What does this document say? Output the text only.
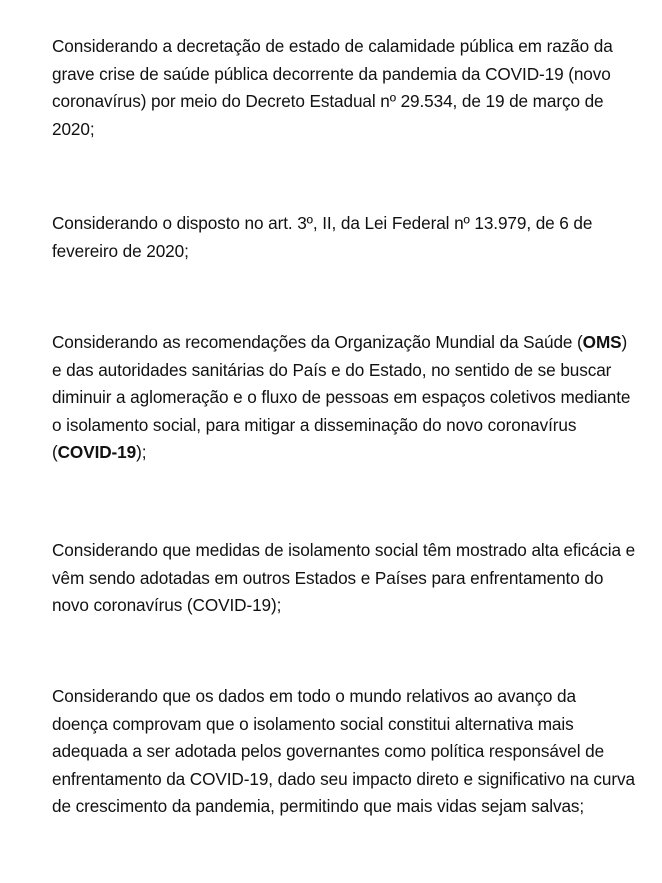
Considerando a decretação de estado de calamidade pública em razão da grave crise de saúde pública decorrente da pandemia da COVID-19 (novo coronavírus) por meio do Decreto Estadual nº 29.534, de 19 de março de 2020;

Considerando o disposto no art. 3º, II, da Lei Federal nº 13.979, de 6 de fevereiro de 2020;

Considerando as recomendações da Organização Mundial da Saúde (OMS) e das autoridades sanitárias do País e do Estado, no sentido de se buscar diminuir a aglomeração e o fluxo de pessoas em espaços coletivos mediante o isolamento social, para mitigar a disseminação do novo coronavírus (COVID-19);

Considerando que medidas de isolamento social têm mostrado alta eficácia e vêm sendo adotadas em outros Estados e Países para enfrentamento do novo coronavírus (COVID-19);

Considerando que os dados em todo o mundo relativos ao avanço da doença comprovam que o isolamento social constitui alternativa mais adequada a ser adotada pelos governantes como política responsável de enfrentamento da COVID-19, dado seu impacto direto e significativo na curva de crescimento da pandemia, permitindo que mais vidas sejam salvas;
